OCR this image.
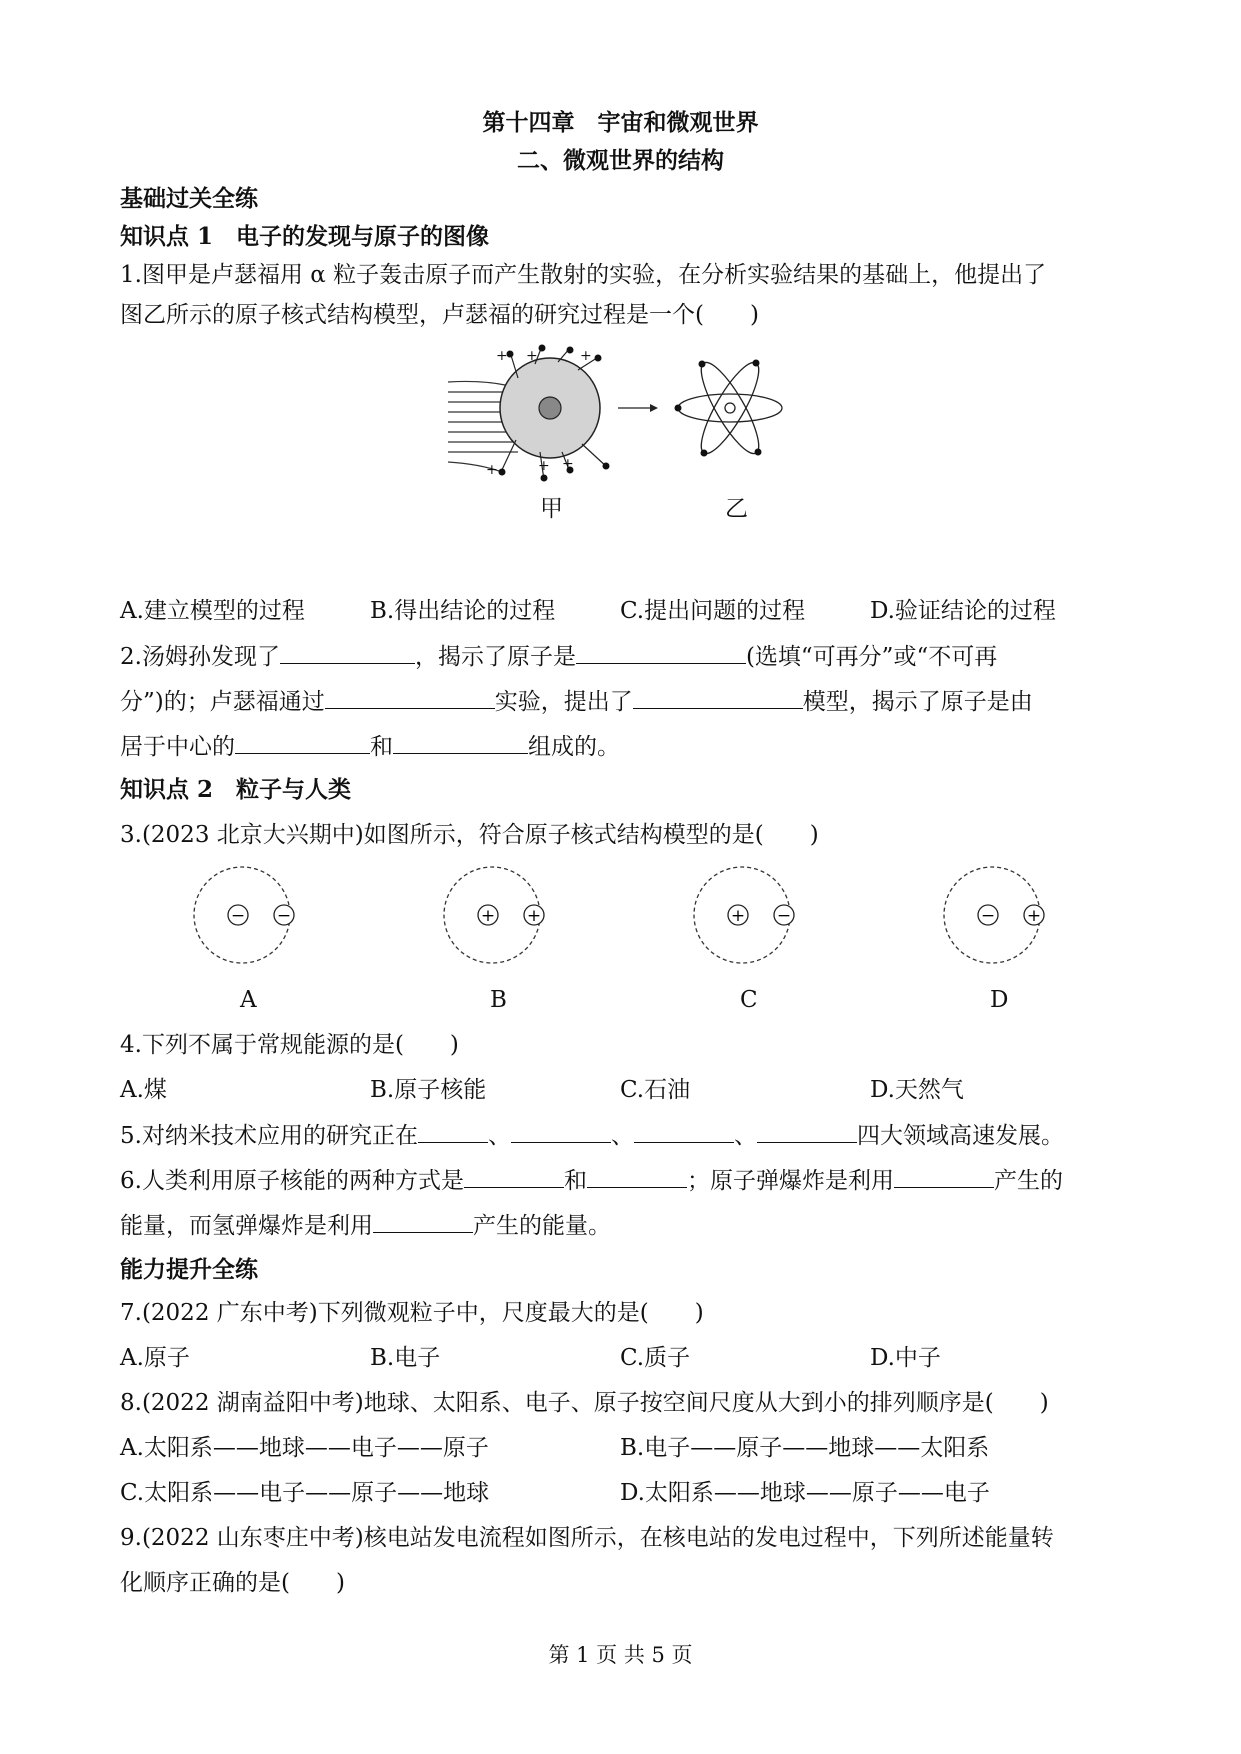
第十四章　宇宙和微观世界
二、微观世界的结构
基础过关全练
知识点 1　电子的发现与原子的图像
1.图甲是卢瑟福用 α 粒子轰击原子而产生散射的实验，在分析实验结果的基础上，他提出了
图乙所示的原子核式结构模型，卢瑟福的研究过程是一个(　　)
+ +	+
+	+ +
甲	乙
A.建立模型的过程	B.得出结论的过程	C.提出问题的过程	D.验证结论的过程
2.汤姆孙发现了	，揭示了原子是	(选填“可再分”或“不可再
分”)的；卢瑟福通过	实验，提出了	模型，揭示了原子是由
居于中心的	和	组成的。
知识点 2　粒子与人类
3.(2023 北京大兴期中)如图所示，符合原子核式结构模型的是(　　)
− −	+ +	+ −	− +
A	B	C	D
4.下列不属于常规能源的是(　　)
A.煤	B.原子核能	C.石油	D.天然气
5.对纳米技术应用的研究正在	、	、	、	四大领域高速发展。
6.人类利用原子核能的两种方式是	和	；原子弹爆炸是利用	产生的
能量，而氢弹爆炸是利用	产生的能量。
能力提升全练
7.(2022 广东中考)下列微观粒子中，尺度最大的是(　　)
A.原子	B.电子	C.质子	D.中子
8.(2022 湖南益阳中考)地球、太阳系、电子、原子按空间尺度从大到小的排列顺序是(　　)
A.太阳系——地球——电子——原子	B.电子——原子——地球——太阳系
C.太阳系——电子——原子——地球	D.太阳系——地球——原子——电子
9.(2022 山东枣庄中考)核电站发电流程如图所示，在核电站的发电过程中，下列所述能量转
化顺序正确的是(　　)
第 1 页 共 5 页
